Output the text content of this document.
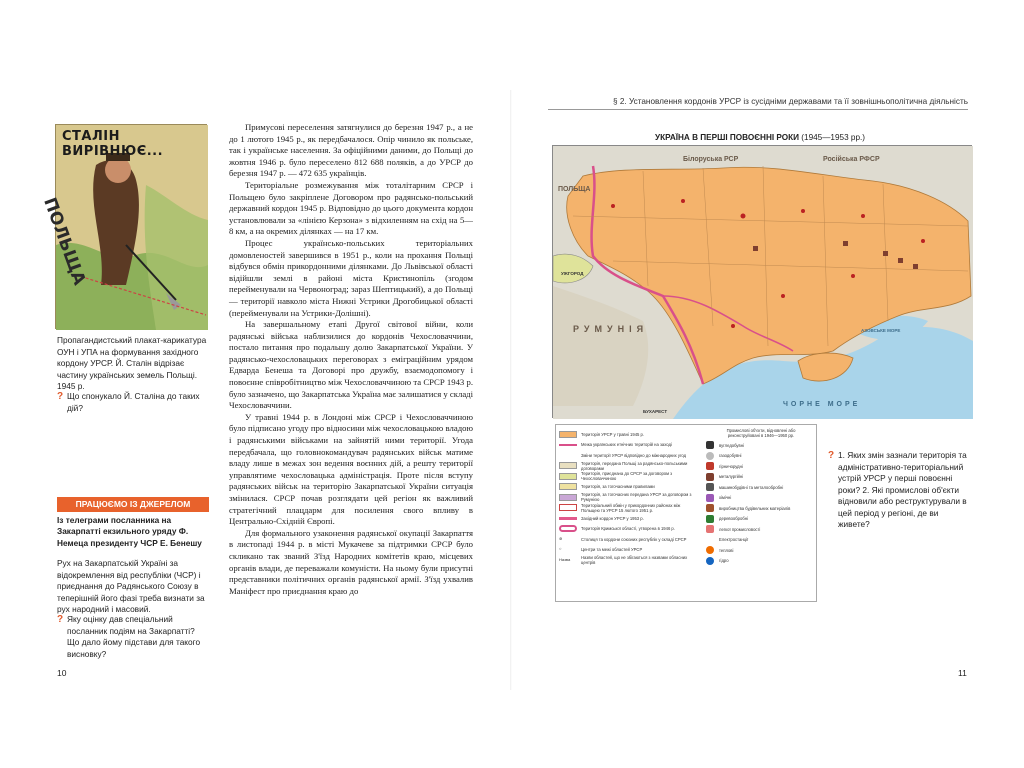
СТАЛІН ВИРІВНЮЄ...
ПОЛЬЩА
Пропагандистський плакат-карикатура ОУН і УПА на формування західного кордону УРСР. Й. Сталін відрізає частину українських земель Польщі. 1945 р.
? Що спонукало Й. Сталіна до таких дій?
ПРАЦЮЄМО ІЗ ДЖЕРЕЛОМ
Із телеграми посланника на Закарпатті екзильного уряду Ф. Немеца президенту ЧСР Е. Бенешу
Рух на Закарпатській Україні за відокремлення від республіки (ЧСР) і приєднання до Радянського Союзу в теперішній його фазі треба визнати за рух народний і масовий.
? Яку оцінку дав спеціальний посланник подіям на Закарпатті? Що дало йому підстави для такого висновку?

Примусові переселення затягнулися до березня 1947 р., а не до 1 лютого 1945 р., як передбачалося. Опір чинило як польське, так і українське населення. За офіційними даними, до Польщі до жовтня 1946 р. було переселено 812 688 поляків, а до УРСР до березня 1947 р. — 472 635 українців.

Територіальне розмежування між тоталітарним СРСР і Польщею було закріплене Договором про радянсько-польський державний кордон 1945 р. Відповідно до цього документа кордон установлювали за «лінією Керзона» з відхиленням на схід на 5—8 км, а на окремих ділянках — на 17 км.

Процес українсько-польських територіальних домовленостей завершився в 1951 р., коли на прохання Польщі відбувся обмін прикордонними ділянками. До Львівської області відійшли землі в районі міста Кристинопіль (згодом перейменували на Червоноград; зараз Шептицький), а до Польщі — території навколо міста Нижні Устрики Дрогобицької області (перейменували на Устрики-Долішні).

На завершальному етапі Другої світової війни, коли радянські війська наблизилися до кордонів Чехословаччини, постало питання про подальшу долю Закарпатської України. У радянсько-чехословацьких переговорах з еміграційним урядом Едварда Бенеша та Договорі про дружбу, взаємодопомогу і повоєнне співробітництво між Чехословаччиною та СРСР 1943 р. було зазначено, що Закарпатська Україна має залишатися у складі Чехословаччини.

У травні 1944 р. в Лондоні між СРСР і Чехословаччиною було підписано угоду про відносини між чехословацькою владою і радянськими військами на зайнятій ними території. Угода передбачала, що головнокомандувач радянських військ матиме владу лише в межах зон ведення воєнних дій, а решту території управлятиме чехословацька адміністрація. Проте після вступу радянських військ на територію Закарпатської України ситуація змінилася. СРСР почав розглядати цей регіон як важливий стратегічний плацдарм для посилення свого впливу в Центрально-Східній Європі.

Для формального узаконення радянської окупації Закарпаття в листопаді 1944 р. в місті Мукачеве за підтримки СРСР було скликано так званий З'їзд Народних комітетів краю, місцевих органів влади, де переважали комуністи. На ньому були присутні представники політичних органів радянської армії. З'їзд ухвалив Маніфест про приєднання краю до

10
§ 2. Установлення кордонів УРСР із сусідніми державами та її зовнішньополітична діяльність
УКРАЇНА В ПЕРШІ ПОВОЄННІ РОКИ (1945—1953 рр.)
Білоруська РСР	Російська РФСР
ПОЛЬЩА
РУМУНІЯ	АЗОВСЬКЕ МОРЕ
ЧОРНЕ МОРЕ
УЖГОРОД
БУХАРЕСТ
Територія УРСР у травні 1945 р.
Межа українських етнічних територій на заході
Зміни території УРСР відповідно до міжнародних угод
Територія, передана Польщі за радянсько-польськими договорами
Територія, приєднана до СРСР за договором з Чехословаччиною
Територія, за тогочасними правилами
Територія, за тогочасних передана УРСР за договором з Румунією
Територіальний обмін у прикордонних районах між Польщею та УРСР 15 лютого 1951 р.
Західний кордон УРСР у 1953 р.
Територія Кримської області, утворена в 1946 р.
⊚	Столиця та кордони союзних республік у складі СРСР
○	Центри та межі областей УРСР
Назва	Назви областей, що не збігаються з назвами обласних центрів
Промислові об'єкти, відновлені або реконструйовані в 1946—1950 рр.
вугледобувні
газодобувні
гірничорудні
металургійні
машинобудівні та металообробні
хімічні
виробництва будівельних матеріалів
деревообробні
легкої промисловості
Електростанції
теплові
гідро
? 1. Яких змін зазнали територія та адміністративно-територіальний устрій УРСР у перші повоєнні роки? 2. Які промислові об'єкти відновили або реструктурували в цей період у регіоні, де ви живете?
11
